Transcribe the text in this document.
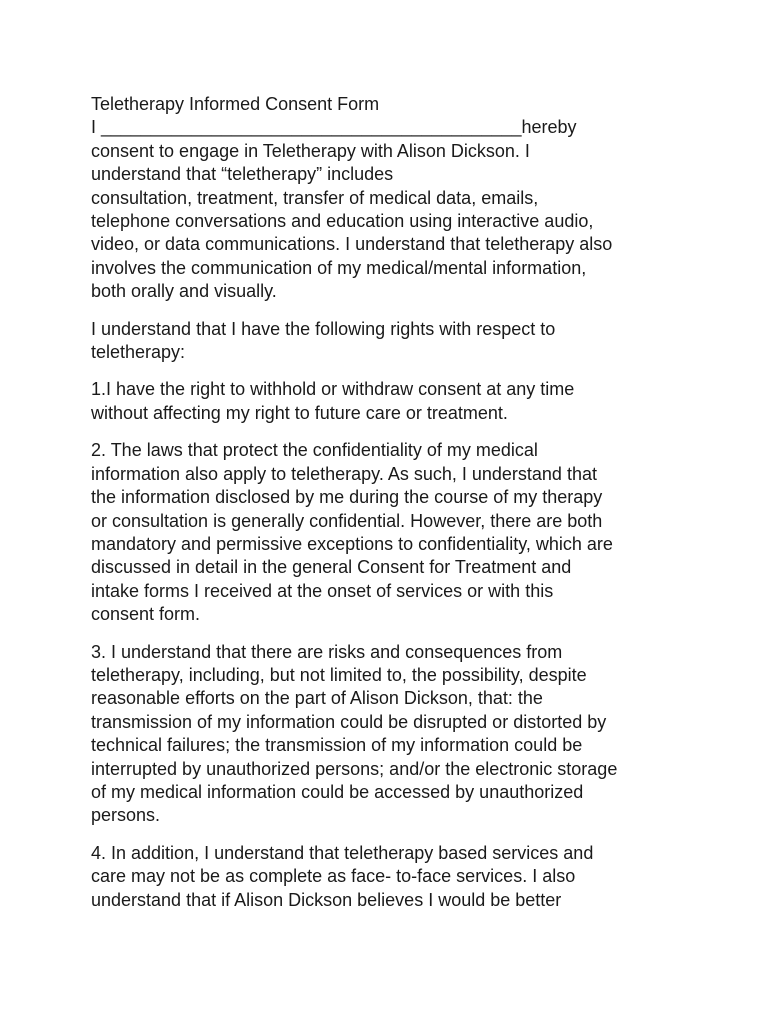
Teletherapy Informed Consent Form
I __________________________________________hereby
consent to engage in Teletherapy with Alison Dickson. I
understand that “teletherapy” includes
consultation, treatment, transfer of medical data, emails,
telephone conversations and education using interactive audio,
video, or data communications. I understand that teletherapy also
involves the communication of my medical/mental information,
both orally and visually.
I understand that I have the following rights with respect to
teletherapy:
1.I have the right to withhold or withdraw consent at any time
without affecting my right to future care or treatment.
2. The laws that protect the confidentiality of my medical
information also apply to teletherapy. As such, I understand that
the information disclosed by me during the course of my therapy
or consultation is generally confidential. However, there are both
mandatory and permissive exceptions to confidentiality, which are
discussed in detail in the general Consent for Treatment and
intake forms I received at the onset of services or with this
consent form.
3. I understand that there are risks and consequences from
teletherapy, including, but not limited to, the possibility, despite
reasonable efforts on the part of Alison Dickson, that: the
transmission of my information could be disrupted or distorted by
technical failures; the transmission of my information could be
interrupted by unauthorized persons; and/or the electronic storage
of my medical information could be accessed by unauthorized
persons.
4. In addition, I understand that teletherapy based services and
care may not be as complete as face- to-face services. I also
understand that if Alison Dickson believes I would be better
